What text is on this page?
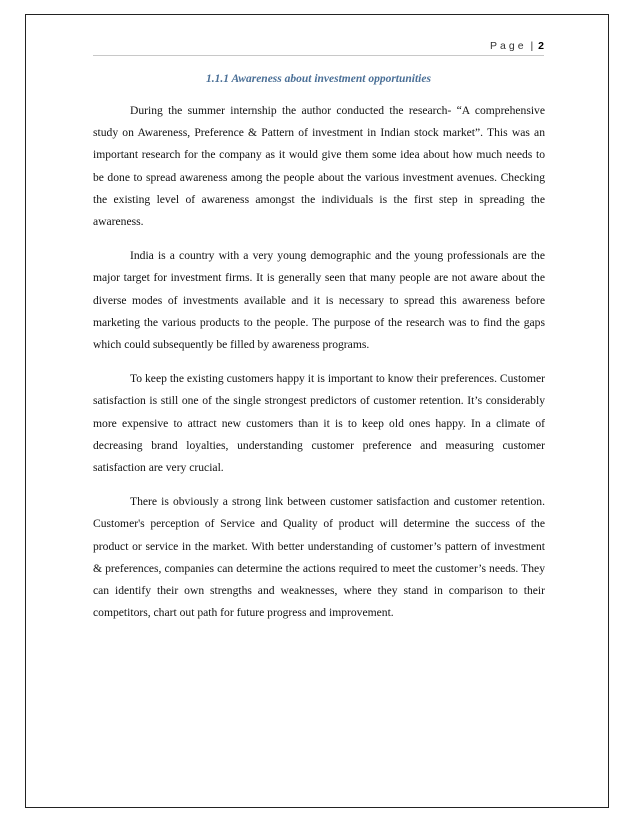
Page | 2
1.1.1 Awareness about investment opportunities

During the summer internship the author conducted the research- “A comprehensive study on Awareness, Preference & Pattern of investment in Indian stock market”. This was an important research for the company as it would give them some idea about how much needs to be done to spread awareness among the people about the various investment avenues. Checking the existing level of awareness amongst the individuals is the first step in spreading the awareness.

India is a country with a very young demographic and the young professionals are the major target for investment firms. It is generally seen that many people are not aware about the diverse modes of investments available and it is necessary to spread this awareness before marketing the various products to the people. The purpose of the research was to find the gaps which could subsequently be filled by awareness programs.

To keep the existing customers happy it is important to know their preferences. Customer satisfaction is still one of the single strongest predictors of customer retention. It’s considerably more expensive to attract new customers than it is to keep old ones happy. In a climate of decreasing brand loyalties, understanding customer preference and measuring customer satisfaction are very crucial.

There is obviously a strong link between customer satisfaction and customer retention. Customer's perception of Service and Quality of product will determine the success of the product or service in the market. With better understanding of customer’s pattern of investment & preferences, companies can determine the actions required to meet the customer’s needs. They can identify their own strengths and weaknesses, where they stand in comparison to their competitors, chart out path for future progress and improvement.
